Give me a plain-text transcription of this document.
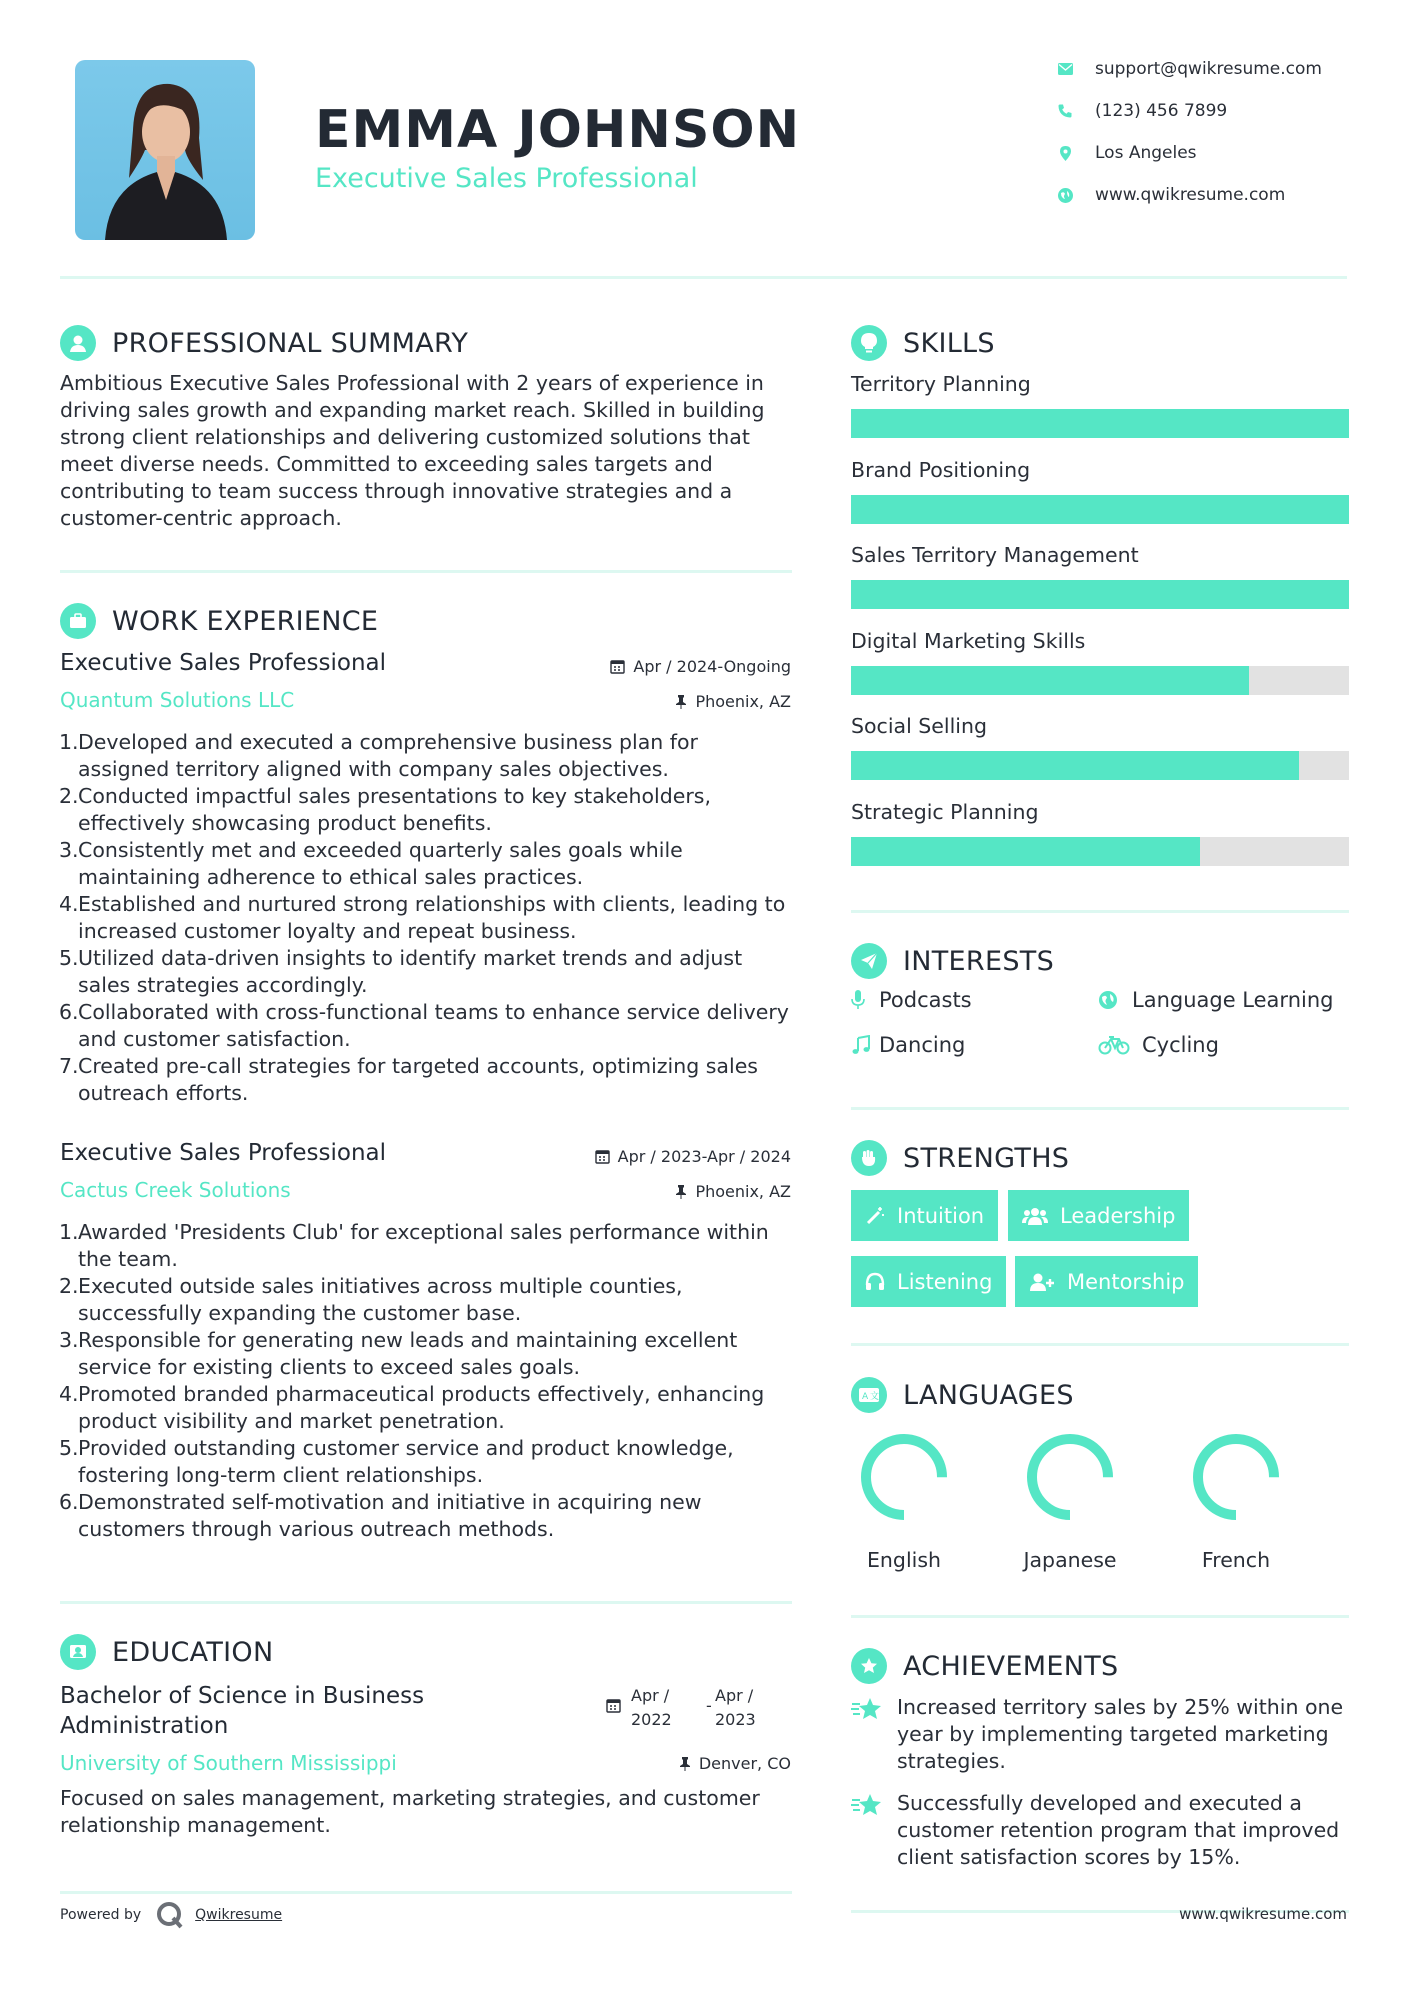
EMMA JOHNSON
Executive Sales Professional
support@qwikresume.com
(123) 456 7899
Los Angeles
www.qwikresume.com
PROFESSIONAL SUMMARY
Ambitious Executive Sales Professional with 2 years of experience in driving sales growth and expanding market reach. Skilled in building strong client relationships and delivering customized solutions that meet diverse needs. Committed to exceeding sales targets and contributing to team success through innovative strategies and a customer-centric approach.
WORK EXPERIENCE
Executive Sales Professional	Apr / 2024-Ongoing
Quantum Solutions LLC	Phoenix, AZ
1. Developed and executed a comprehensive business plan for assigned territory aligned with company sales objectives.
2. Conducted impactful sales presentations to key stakeholders, effectively showcasing product benefits.
3. Consistently met and exceeded quarterly sales goals while maintaining adherence to ethical sales practices.
4. Established and nurtured strong relationships with clients, leading to increased customer loyalty and repeat business.
5. Utilized data-driven insights to identify market trends and adjust sales strategies accordingly.
6. Collaborated with cross-functional teams to enhance service delivery and customer satisfaction.
7. Created pre-call strategies for targeted accounts, optimizing sales outreach efforts.
Executive Sales Professional	Apr / 2023-Apr / 2024
Cactus Creek Solutions	Phoenix, AZ
1. Awarded 'Presidents Club' for exceptional sales performance within the team.
2. Executed outside sales initiatives across multiple counties, successfully expanding the customer base.
3. Responsible for generating new leads and maintaining excellent service for existing clients to exceed sales goals.
4. Promoted branded pharmaceutical products effectively, enhancing product visibility and market penetration.
5. Provided outstanding customer service and product knowledge, fostering long-term client relationships.
6. Demonstrated self-motivation and initiative in acquiring new customers through various outreach methods.
EDUCATION
Bachelor of Science in Business Administration
Apr /
2022
-
Apr /
2023
University of Southern Mississippi	Denver, CO
Focused on sales management, marketing strategies, and customer relationship management.
Powered by	Qwikresume
SKILLS
Territory Planning
Brand Positioning
Sales Territory Management
Digital Marketing Skills
Social Selling
Strategic Planning
INTERESTS
Podcasts	Language Learning
Dancing	Cycling
STRENGTHS
Intuition	Leadership
Listening	Mentorship
A 文 LANGUAGES
English	Japanese	French
ACHIEVEMENTS
Increased territory sales by 25% within one year by implementing targeted marketing strategies.
Successfully developed and executed a customer retention program that improved client satisfaction scores by 15%.
www.qwikresume.com
